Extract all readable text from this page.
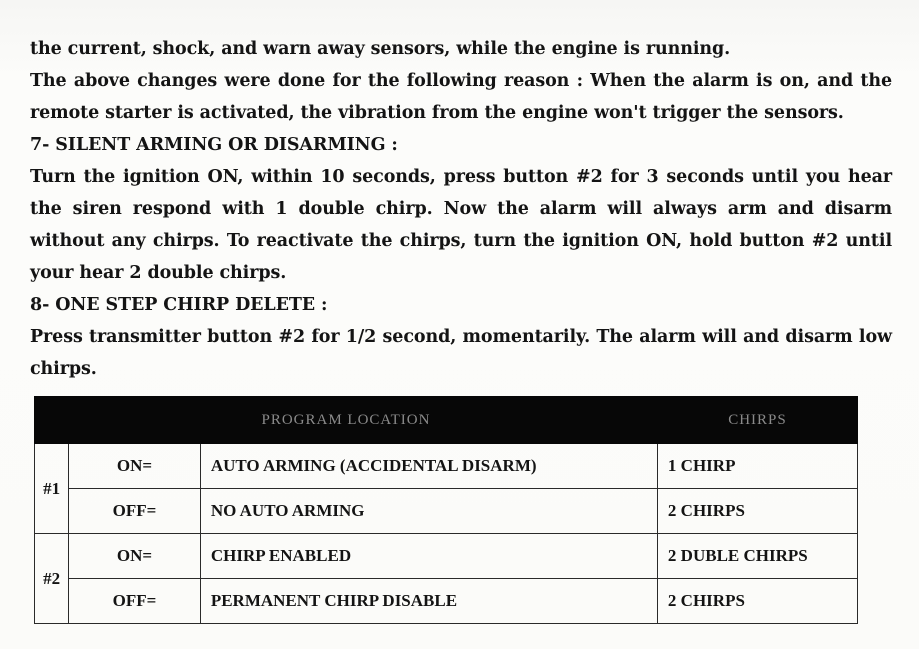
the current, shock, and warn away sensors, while the engine is running.
The above changes were done for the following reason : When the alarm is on, and the
remote starter is activated, the vibration from the engine won't trigger the sensors.
7- SILENT ARMING OR DISARMING :
Turn the ignition ON, within 10 seconds, press button #2 for 3 seconds until you hear
the siren respond with 1 double chirp. Now the alarm will always arm and disarm
without any chirps. To reactivate the chirps, turn the ignition ON, hold button #2 until
your hear 2 double chirps.
8- ONE STEP CHIRP DELETE :
Press transmitter button #2 for 1/2 second, momentarily. The alarm will and disarm low
chirps.
PROGRAM LOCATION			CHIRPS
#1	ON=	AUTO ARMING (ACCIDENTAL DISARM)	1 CHIRP
	OFF=	NO AUTO ARMING	2 CHIRPS
#2	ON=	CHIRP ENABLED	2 DUBLE CHIRPS
	OFF=	PERMANENT CHIRP DISABLE	2 CHIRPS
